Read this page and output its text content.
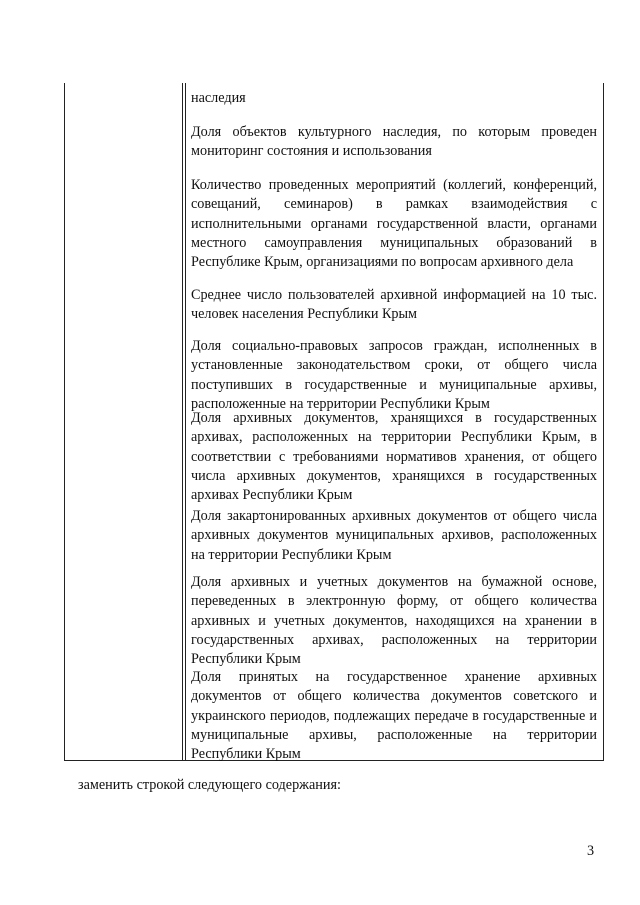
наследия

Доля объектов культурного наследия, по которым проведен мониторинг состояния и использования

Количество проведенных мероприятий (коллегий, конференций, совещаний, семинаров) в рамках взаимодействия с исполнительными органами государственной власти, органами местного самоуправления муниципальных образований в Республике Крым, организациями по вопросам архивного дела

Среднее число пользователей архивной информацией на 10 тыс. человек населения Республики Крым

Доля социально-правовых запросов граждан, исполненных в установленные законодательством сроки, от общего числа поступивших в государственные и муниципальные архивы, расположенные на территории Республики Крым

Доля архивных документов, хранящихся в государственных архивах, расположенных на территории Республики Крым, в соответствии с требованиями нормативов хранения, от общего числа архивных документов, хранящихся в государственных архивах Республики Крым

Доля закартонированных архивных документов от общего числа архивных документов муниципальных архивов, расположенных на территории Республики Крым

Доля архивных и учетных документов на бумажной основе, переведенных в электронную форму, от общего количества архивных и учетных документов, находящихся на хранении в государственных архивах, расположенных на территории Республики Крым

Доля принятых на государственное хранение архивных документов от общего количества документов советского и украинского периодов, подлежащих передаче в государственные и муниципальные архивы, расположенные на территории Республики Крым

заменить строкой следующего содержания:

3
